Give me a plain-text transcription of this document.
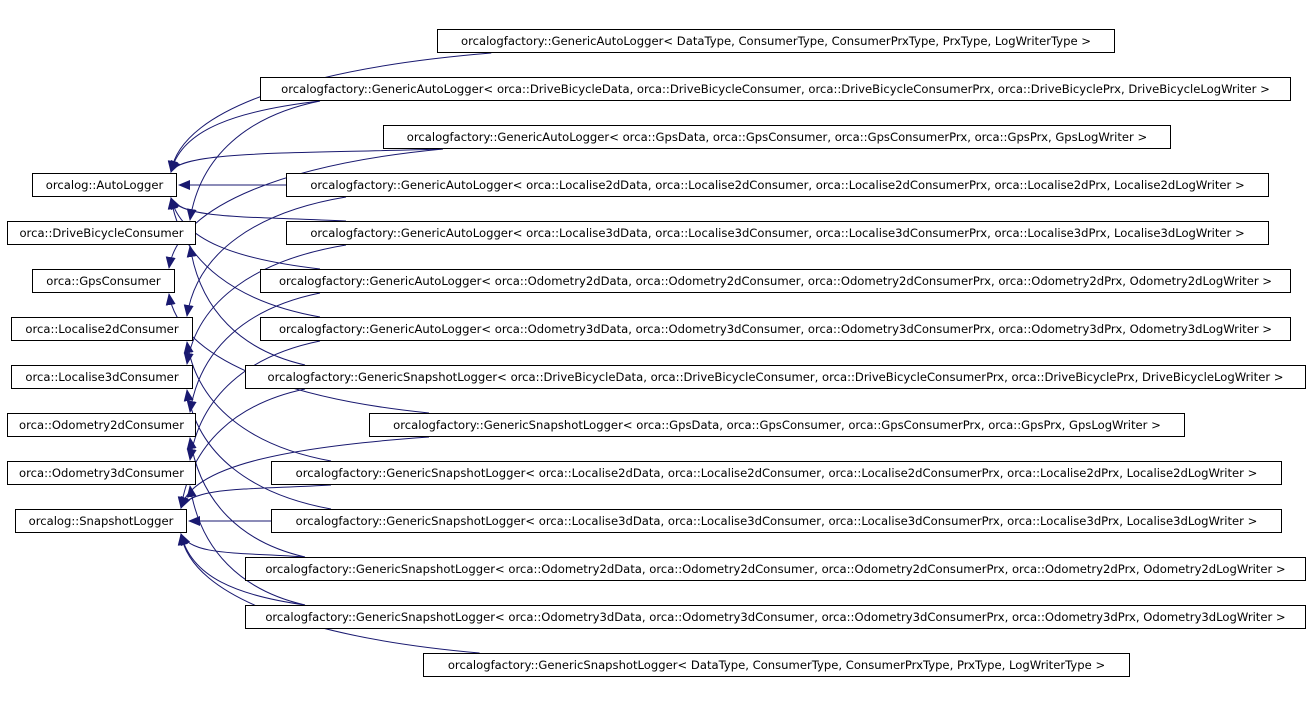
orcalog::AutoLogger
orca::DriveBicycleConsumer
orca::GpsConsumer
orca::Localise2dConsumer
orca::Localise3dConsumer
orca::Odometry2dConsumer
orca::Odometry3dConsumer
orcalog::SnapshotLogger
orcalogfactory::GenericAutoLogger< DataType, ConsumerType, ConsumerPrxType, PrxType, LogWriterType >
orcalogfactory::GenericAutoLogger< orca::DriveBicycleData, orca::DriveBicycleConsumer, orca::DriveBicycleConsumerPrx, orca::DriveBicyclePrx, DriveBicycleLogWriter >
orcalogfactory::GenericAutoLogger< orca::GpsData, orca::GpsConsumer, orca::GpsConsumerPrx, orca::GpsPrx, GpsLogWriter >
orcalogfactory::GenericAutoLogger< orca::Localise2dData, orca::Localise2dConsumer, orca::Localise2dConsumerPrx, orca::Localise2dPrx, Localise2dLogWriter >
orcalogfactory::GenericAutoLogger< orca::Localise3dData, orca::Localise3dConsumer, orca::Localise3dConsumerPrx, orca::Localise3dPrx, Localise3dLogWriter >
orcalogfactory::GenericAutoLogger< orca::Odometry2dData, orca::Odometry2dConsumer, orca::Odometry2dConsumerPrx, orca::Odometry2dPrx, Odometry2dLogWriter >
orcalogfactory::GenericAutoLogger< orca::Odometry3dData, orca::Odometry3dConsumer, orca::Odometry3dConsumerPrx, orca::Odometry3dPrx, Odometry3dLogWriter >
orcalogfactory::GenericSnapshotLogger< orca::DriveBicycleData, orca::DriveBicycleConsumer, orca::DriveBicycleConsumerPrx, orca::DriveBicyclePrx, DriveBicycleLogWriter >
orcalogfactory::GenericSnapshotLogger< orca::GpsData, orca::GpsConsumer, orca::GpsConsumerPrx, orca::GpsPrx, GpsLogWriter >
orcalogfactory::GenericSnapshotLogger< orca::Localise2dData, orca::Localise2dConsumer, orca::Localise2dConsumerPrx, orca::Localise2dPrx, Localise2dLogWriter >
orcalogfactory::GenericSnapshotLogger< orca::Localise3dData, orca::Localise3dConsumer, orca::Localise3dConsumerPrx, orca::Localise3dPrx, Localise3dLogWriter >
orcalogfactory::GenericSnapshotLogger< orca::Odometry2dData, orca::Odometry2dConsumer, orca::Odometry2dConsumerPrx, orca::Odometry2dPrx, Odometry2dLogWriter >
orcalogfactory::GenericSnapshotLogger< orca::Odometry3dData, orca::Odometry3dConsumer, orca::Odometry3dConsumerPrx, orca::Odometry3dPrx, Odometry3dLogWriter >
orcalogfactory::GenericSnapshotLogger< DataType, ConsumerType, ConsumerPrxType, PrxType, LogWriterType >
